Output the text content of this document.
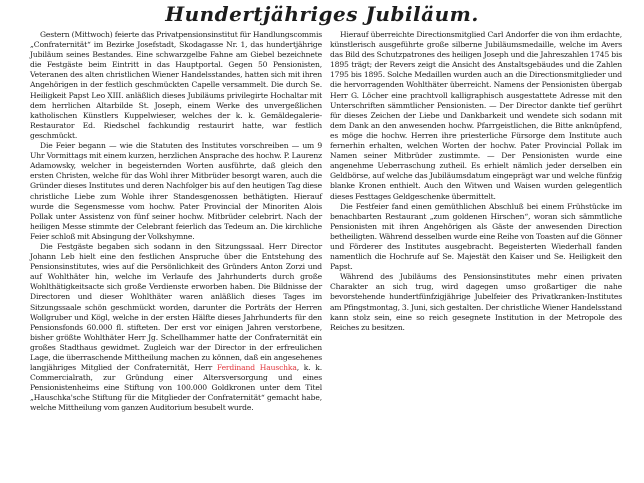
Hundertjähriges Jubiläum.

Gestern (Mittwoch) feierte das Privatpensionsinstitut für Handlungscommis „Confraternität“ im Bezirke Josefstadt, Skodagasse Nr. 1, das hundertjährige Jubiläum seines Bestandes. Eine schwarzgelbe Fahne am Giebel bezeichnete die Festgäste beim Eintritt in das Hauptportal. Gegen 50 Pensionisten, Veteranen des alten christlichen Wiener Handelsstandes, hatten sich mit ihren Angehörigen in der festlich geschmückten Capelle versammelt. Die durch Se. Heiligkeit Papst Leo XIII. anläßlich dieses Jubiläums privilegirte Hochaltar mit dem herrlichen Altarbilde St. Joseph, einem Werke des unvergeßlichen katholischen Künstlers Kuppelwieser, welches der k. k. Gemäldegalerie-Restaurator Ed. Riedschel fachkundig restaurirt hatte, war festlich geschmückt.

Die Feier begann — wie die Statuten des Institutes vorschreiben — um 9 Uhr Vormittags mit einem kurzen, herzlichen Ansprache des hochw. P. Laurenz Adamowsky, welcher in begeisternden Worten ausführte, daß gleich den ersten Christen, welche für das Wohl ihrer Mitbrüder besorgt waren, auch die Gründer dieses Institutes und deren Nachfolger bis auf den heutigen Tag diese christliche Liebe zum Wohle ihrer Standesgenossen bethätigten. Hierauf wurde die Segensmesse vom hochw. Pater Provincial der Minoriten Alois Pollak unter Assistenz von fünf seiner hochw. Mitbrüder celebrirt. Nach der heiligen Messe stimmte der Celebrant feierlich das Tedeum an. Die kirchliche Feier schloß mit Absingung der Volkshymne.

Die Festgäste begaben sich sodann in den Sitzungssaal. Herr Director Johann Leb hielt eine den festlichen Anspruche über die Entstehung des Pensionsinstitutes, wies auf die Persönlichkeit des Gründers Anton Zorzi und auf Wohlthäter hin, welche im Verlaufe des Jahrhunderts durch große Wohlthätigkeitsacte sich große Verdienste erworben haben. Die Bildnisse der Directoren und dieser Wohlthäter waren anläßlich dieses Tages im Sitzungssaale schön geschmückt worden, darunter die Porträts der Herren Wollgruber und Kögl, welche in der ersten Hälfte dieses Jahrhunderts für den Pensionsfonds 60.000 fl. stifteten. Der erst vor einigen Jahren verstorbene, bisher größte Wohlthäter Herr Jg. Schellhammer hatte der Confraternität ein großes Stadthaus gewidmet. Zugleich war der Director in der erfreulichen Lage, die überraschende Mittheilung machen zu können, daß ein angesehenes langjähriges Mitglied der Confraternität, Herr Ferdinand Hauschka, k. k. Commercialrath, zur Gründung einer Altersversorgung und eines Pensionistenheims eine Stiftung von 100.000 Goldkronen unter dem Titel „Hauschka'sche Stiftung für die Mitglieder der Confraternität“ gemacht habe, welche Mittheilung vom ganzen Auditorium besubelt wurde.

Hierauf überreichte Directionsmitglied Carl Andorfer die von ihm erdachte, künstlerisch ausgeführte große silberne Jubiläumsmedaille, welche im Avers das Bild des Schutzpatrones des heiligen Joseph und die Jahreszahlen 1745 bis 1895 trägt; der Revers zeigt die Ansicht des Anstaltsgebäudes und die Zahlen 1795 bis 1895. Solche Medaillen wurden auch an die Directionsmitglieder und die hervorragenden Wohlthäter überreicht. Namens der Pensionisten übergab Herr G. Löcher eine prachtvoll kalligraphisch ausgestattete Adresse mit den Unterschriften sämmtlicher Pensionisten. — Der Director dankte tief gerührt für dieses Zeichen der Liebe und Dankbarkeit und wendete sich sodann mit dem Dank an den anwesenden hochw. Pfarrgeistlichen, die Bitte anknüpfend, es möge die hochw. Herren ihre priesterliche Fürsorge dem Institute auch fernerhin erhalten, welchen Worten der hochw. Pater Provincial Pollak im Namen seiner Mitbrüder zustimmte. — Der Pensionisten wurde eine angenehme Ueberraschung zutheil. Es erhielt nämlich jeder derselben ein Geldbörse, auf welche das Jubiläumsdatum eingeprägt war und welche fünfzig blanke Kronen enthielt. Auch den Witwen und Waisen wurden gelegentlich dieses Festtages Geldgeschenke übermittelt.

Die Festfeier fand einen gemüthlichen Abschluß bei einem Frühstücke im benachbarten Restaurant „zum goldenen Hirschen“, woran sich sämmtliche Pensionisten mit ihren Angehörigen als Gäste der anwesenden Direction betheiligten. Während desselben wurde eine Reihe von Toasten auf die Gönner und Förderer des Institutes ausgebracht. Begeisterten Wiederhall fanden namentlich die Hochrufe auf Se. Majestät den Kaiser und Se. Heiligkeit den Papst.

Während des Jubiläums des Pensionsinstitutes mehr einen privaten Charakter an sich trug, wird dagegen umso großartiger die nahe bevorstehende hundertfünfzigjährige Jubelfeier des Privatkranken-Institutes am Pfingstmontag, 3. Juni, sich gestalten. Der christliche Wiener Handelsstand kann stolz sein, eine so reich gesegnete Institution in der Metropole des Reiches zu besitzen.
